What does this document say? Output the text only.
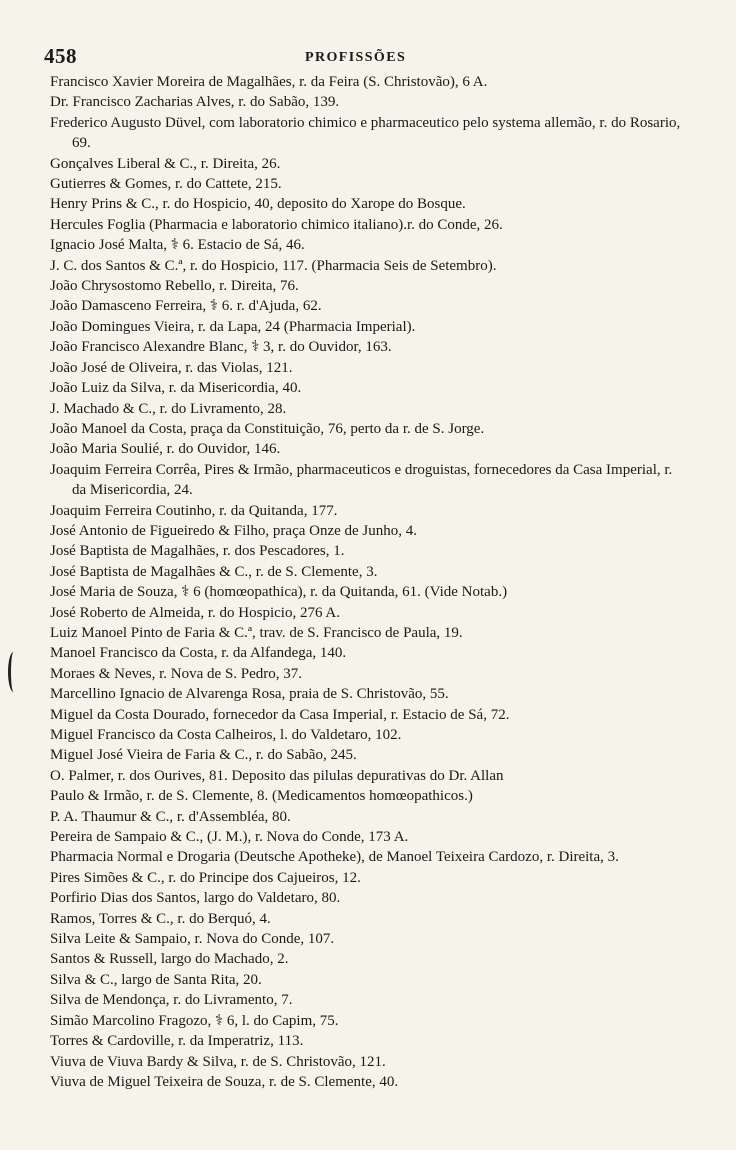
458	PROFISSÕES
Francisco Xavier Moreira de Magalhães, r. da Feira (S. Christovão), 6 A.
Dr. Francisco Zacharias Alves, r. do Sabão, 139.
Frederico Augusto Düvel, com laboratorio chimico e pharmaceutico pelo systema allemão, r. do Rosario, 69.
Gonçalves Liberal & C., r. Direita, 26.
Gutierres & Gomes, r. do Cattete, 215.
Henry Prins & C., r. do Hospicio, 40, deposito do Xarope do Bosque.
Hercules Foglia (Pharmacia e laboratorio chimico italiano).r. do Conde, 26.
Ignacio José Malta, ⚕ 6. Estacio de Sá, 46.
J. C. dos Santos & C.ª, r. do Hospicio, 117. (Pharmacia Seis de Setembro).
João Chrysostomo Rebello, r. Direita, 76.
João Damasceno Ferreira, ⚕ 6. r. d'Ajuda, 62.
João Domingues Vieira, r. da Lapa, 24 (Pharmacia Imperial).
João Francisco Alexandre Blanc, ⚕ 3, r. do Ouvidor, 163.
João José de Oliveira, r. das Violas, 121.
João Luiz da Silva, r. da Misericordia, 40.
J. Machado & C., r. do Livramento, 28.
João Manoel da Costa, praça da Constituição, 76, perto da r. de S. Jorge.
João Maria Soulié, r. do Ouvidor, 146.
Joaquim Ferreira Corrêa, Pires & Irmão, pharmaceuticos e droguistas, fornecedores da Casa Imperial, r. da Misericordia, 24.
Joaquim Ferreira Coutinho, r. da Quitanda, 177.
José Antonio de Figueiredo & Filho, praça Onze de Junho, 4.
José Baptista de Magalhães, r. dos Pescadores, 1.
José Baptista de Magalhães & C., r. de S. Clemente, 3.
José Maria de Souza, ⚕ 6 (homœopathica), r. da Quitanda, 61. (Vide Notab.)
José Roberto de Almeida, r. do Hospicio, 276 A.
Luiz Manoel Pinto de Faria & C.ª, trav. de S. Francisco de Paula, 19.
Manoel Francisco da Costa, r. da Alfandega, 140.
Moraes & Neves, r. Nova de S. Pedro, 37.
Marcellino Ignacio de Alvarenga Rosa, praia de S. Christovão, 55.
Miguel da Costa Dourado, fornecedor da Casa Imperial, r. Estacio de Sá, 72.
Miguel Francisco da Costa Calheiros, l. do Valdetaro, 102.
Miguel José Vieira de Faria & C., r. do Sabão, 245.
O. Palmer, r. dos Ourives, 81. Deposito das pilulas depurativas do Dr. Allan
Paulo & Irmão, r. de S. Clemente, 8. (Medicamentos homœopathicos.)
P. A. Thaumur & C., r. d'Assembléa, 80.
Pereira de Sampaio & C., (J. M.), r. Nova do Conde, 173 A.
Pharmacia Normal e Drogaria (Deutsche Apotheke), de Manoel Teixeira Cardozo, r. Direita, 3.
Pires Simões & C., r. do Principe dos Cajueiros, 12.
Porfirio Dias dos Santos, largo do Valdetaro, 80.
Ramos, Torres & C., r. do Berquó, 4.
Silva Leite & Sampaio, r. Nova do Conde, 107.
Santos & Russell, largo do Machado, 2.
Silva & C., largo de Santa Rita, 20.
Silva de Mendonça, r. do Livramento, 7.
Simão Marcolino Fragozo, ⚕ 6, l. do Capim, 75.
Torres & Cardoville, r. da Imperatriz, 113.
Viuva de Viuva Bardy & Silva, r. de S. Christovão, 121.
Viuva de Miguel Teixeira de Souza, r. de S. Clemente, 40.
